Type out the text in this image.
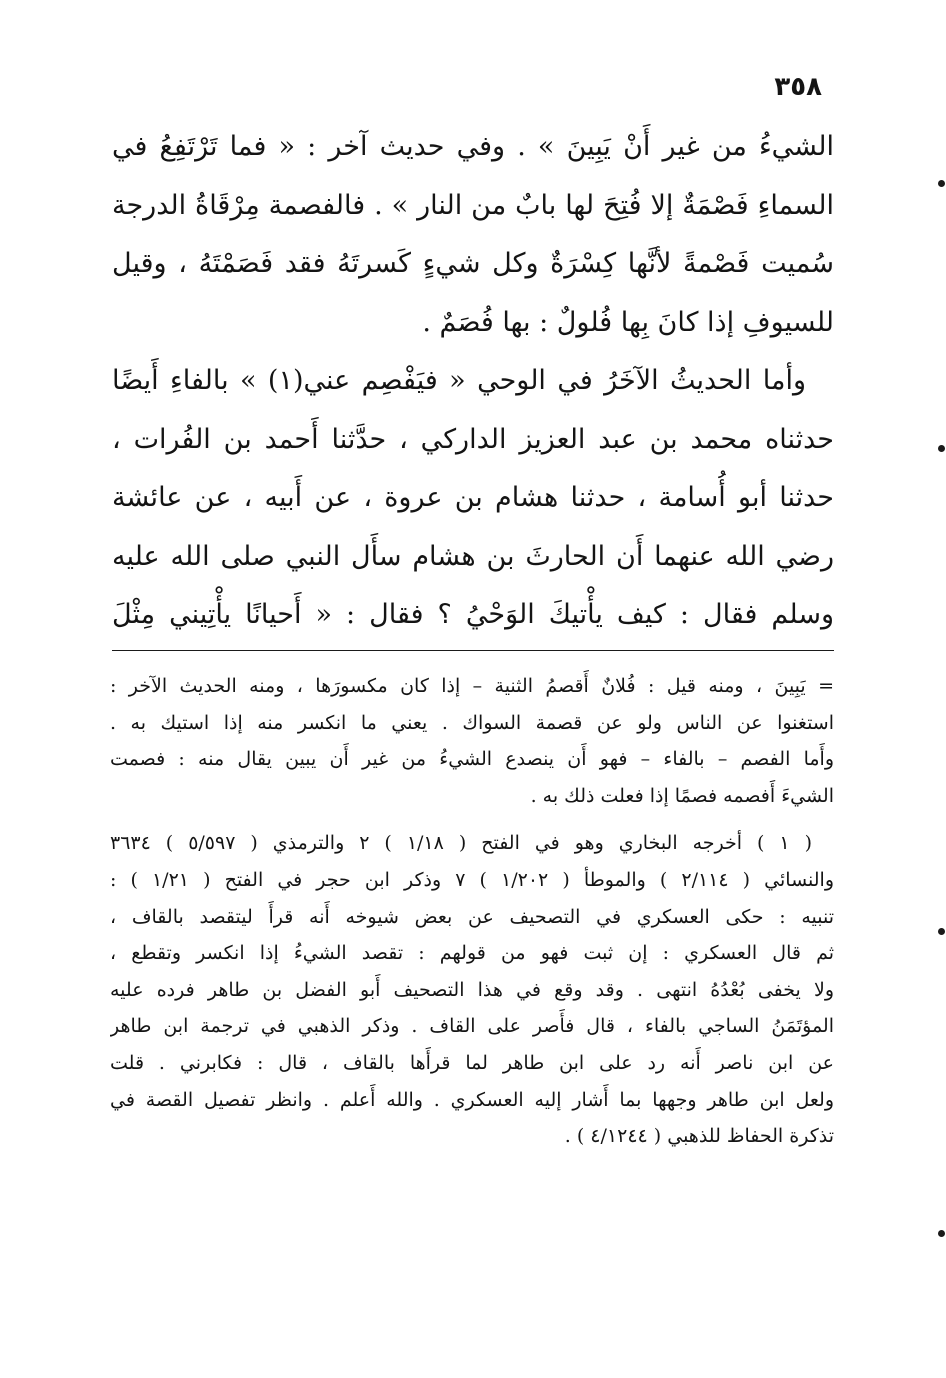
٣٥٨
الشيءُ من غير أَنْ يَبِينَ » . وفي حديث آخر : « فما تَرْتَفِعُ في
السماءِ فَصْمَةٌ إلا فُتِحَ لها بابٌ من النار » . فالفصمة مِرْقَاةُ الدرجة
سُميت فَصْمةً لأنَّها كِسْرَةٌ وكل شيءٍ كَسرتَهُ فقد فَصَمْتَهُ ، وقيل
للسيوفِ إذا كانَ بِها فُلولٌ : بها فُصَمٌ .
وأما الحديثُ الآخَرُ في الوحي « فيَفْصِم عني(١) » بالفاءِ أَيضًا
حدثناه محمد بن عبد العزيز الداركي ، حدَّثنا أَحمد بن الفُرات ،
حدثنا أبو أُسامة ، حدثنا هشام بن عروة ، عن أَبيه ، عن عائشة
رضي الله عنهما أَن الحارثَ بن هشام سأَل النبي صلى الله عليه
وسلم فقال : كيف يأْتيكَ الوَحْيُ ؟ فقال : « أَحيانًا يأْتِيني مِثْلَ
= يَبِينَ ، ومنه قيل : فُلانٌ أَقصمُ الثنية – إذا كان مكسورَها ، ومنه الحديث الآخر :
استغنوا عن الناس ولو عن قصمة السواك . يعني ما انكسر منه إذا استيك به .
وأَما الفصم – بالفاء – فهو أَن ينصدع الشيءُ من غير أَن يبين يقال منه : فصمت
الشيءَ أَفصمه فصمًا إذا فعلت ذلك به .
( ١ ) أخرجه البخاري وهو في الفتح ( ١/١٨ ) ٢ والترمذي ( ٥/٥٩٧ ) ٣٦٣٤
والنسائي ( ٢/١١٤ ) والموطأ ( ١/٢٠٢ ) ٧ وذكر ابن حجر في الفتح ( ١/٢١ ) :
تنبيه : حكى العسكري في التصحيف عن بعض شيوخه أَنه قرأَ ليتقصد بالقاف ،
ثم قال العسكري : إن ثبت فهو من قولهم : تقصد الشيءُ إذا انكسر وتقطع ،
ولا يخفى بُعْدُهُ انتهى . وقد وقع في هذا التصحيف أَبو الفضل بن طاهر فرده عليه
المؤتَمَنُ الساجي بالفاء ، قال فأَصر على القاف . وذكر الذهبي في ترجمة ابن طاهر
عن ابن ناصر أَنه رد على ابن طاهر لما قرأَها بالقاف ، قال : فكابرني . قلت
ولعل ابن طاهر وجهها بما أَشار إليه العسكري . والله أَعلم . وانظر تفصيل القصة في
تذكرة الحفاظ للذهبي ( ٤/١٢٤٤ ) .
